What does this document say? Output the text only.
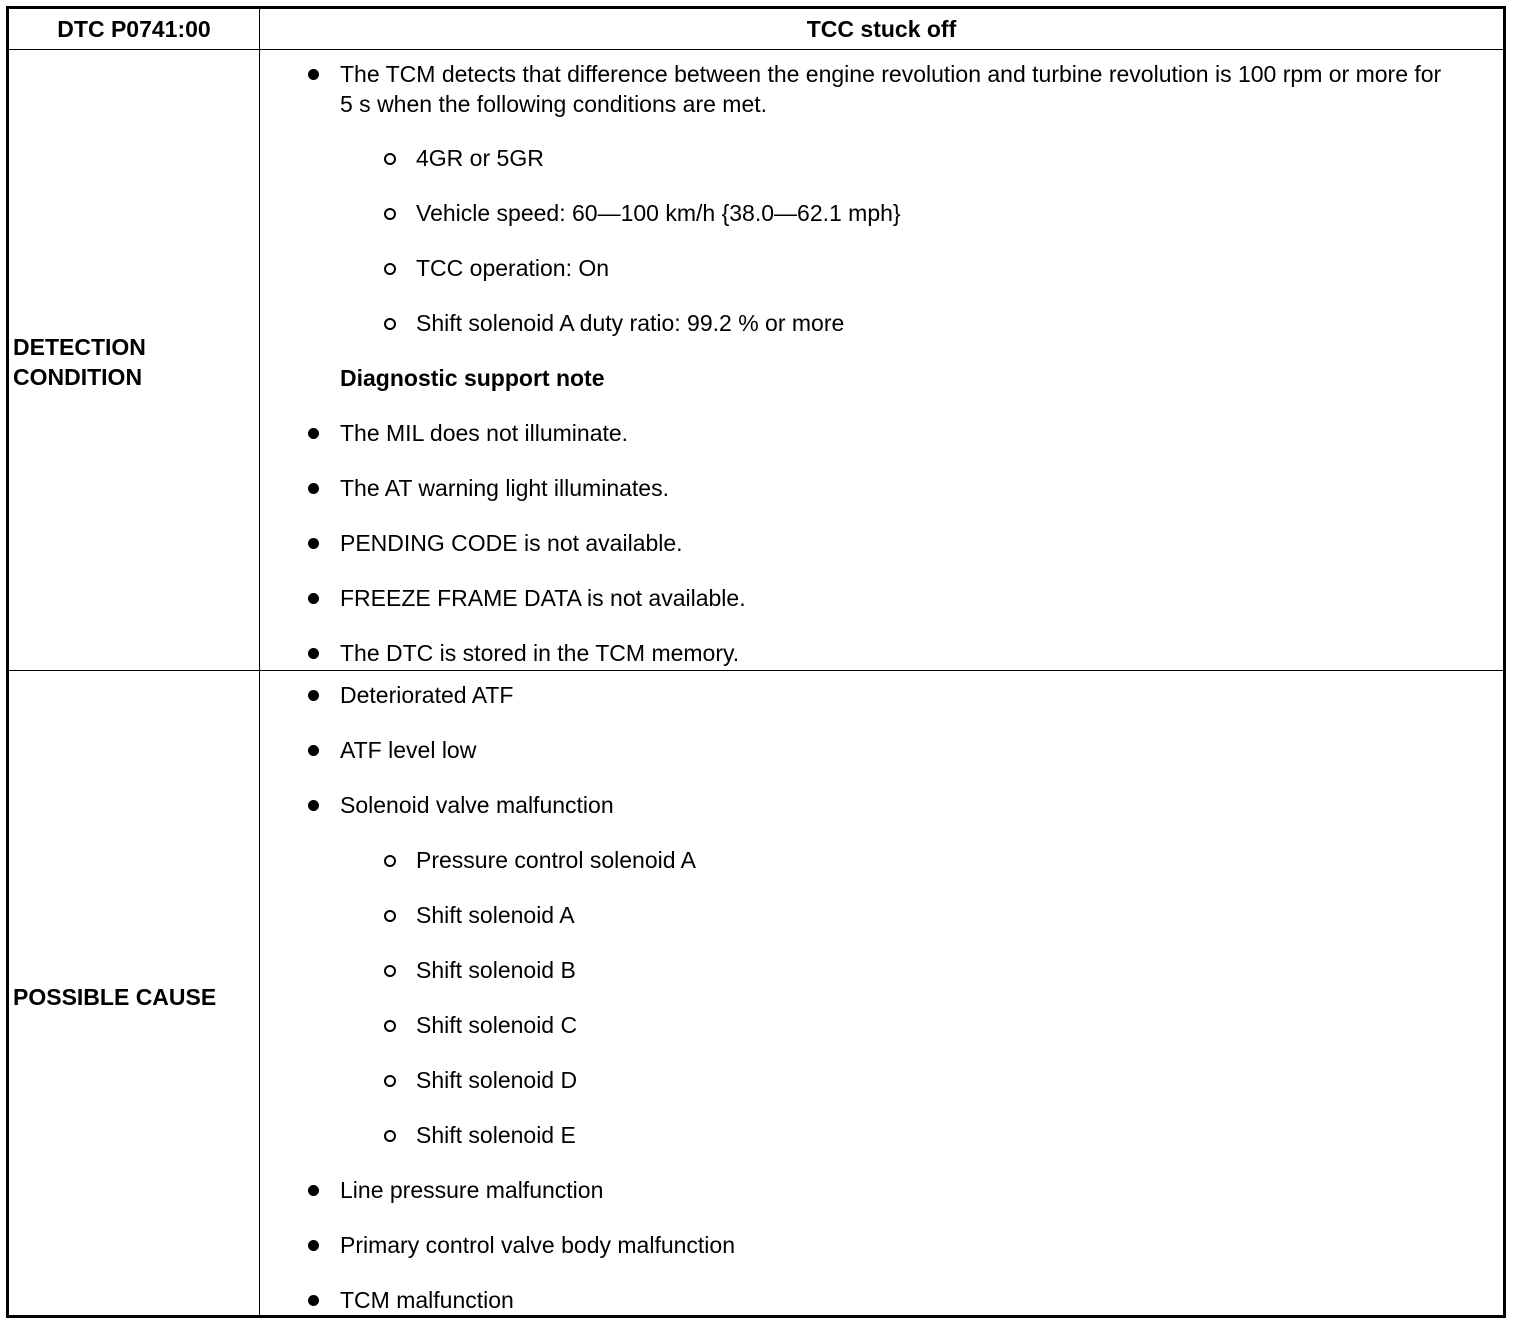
DTC P0741:00	TCC stuck off
DETECTION
CONDITION
The TCM detects that difference between the engine revolution and turbine revolution is 100 rpm or more for 5 s when the following conditions are met.
4GR or 5GR
Vehicle speed: 60—100 km/h {38.0—62.1 mph}
TCC operation: On
Shift solenoid A duty ratio: 99.2 % or more
Diagnostic support note
The MIL does not illuminate.
The AT warning light illuminates.
PENDING CODE is not available.
FREEZE FRAME DATA is not available.
The DTC is stored in the TCM memory.
POSSIBLE CAUSE
Deteriorated ATF
ATF level low
Solenoid valve malfunction
Pressure control solenoid A
Shift solenoid A
Shift solenoid B
Shift solenoid C
Shift solenoid D
Shift solenoid E
Line pressure malfunction
Primary control valve body malfunction
TCM malfunction
